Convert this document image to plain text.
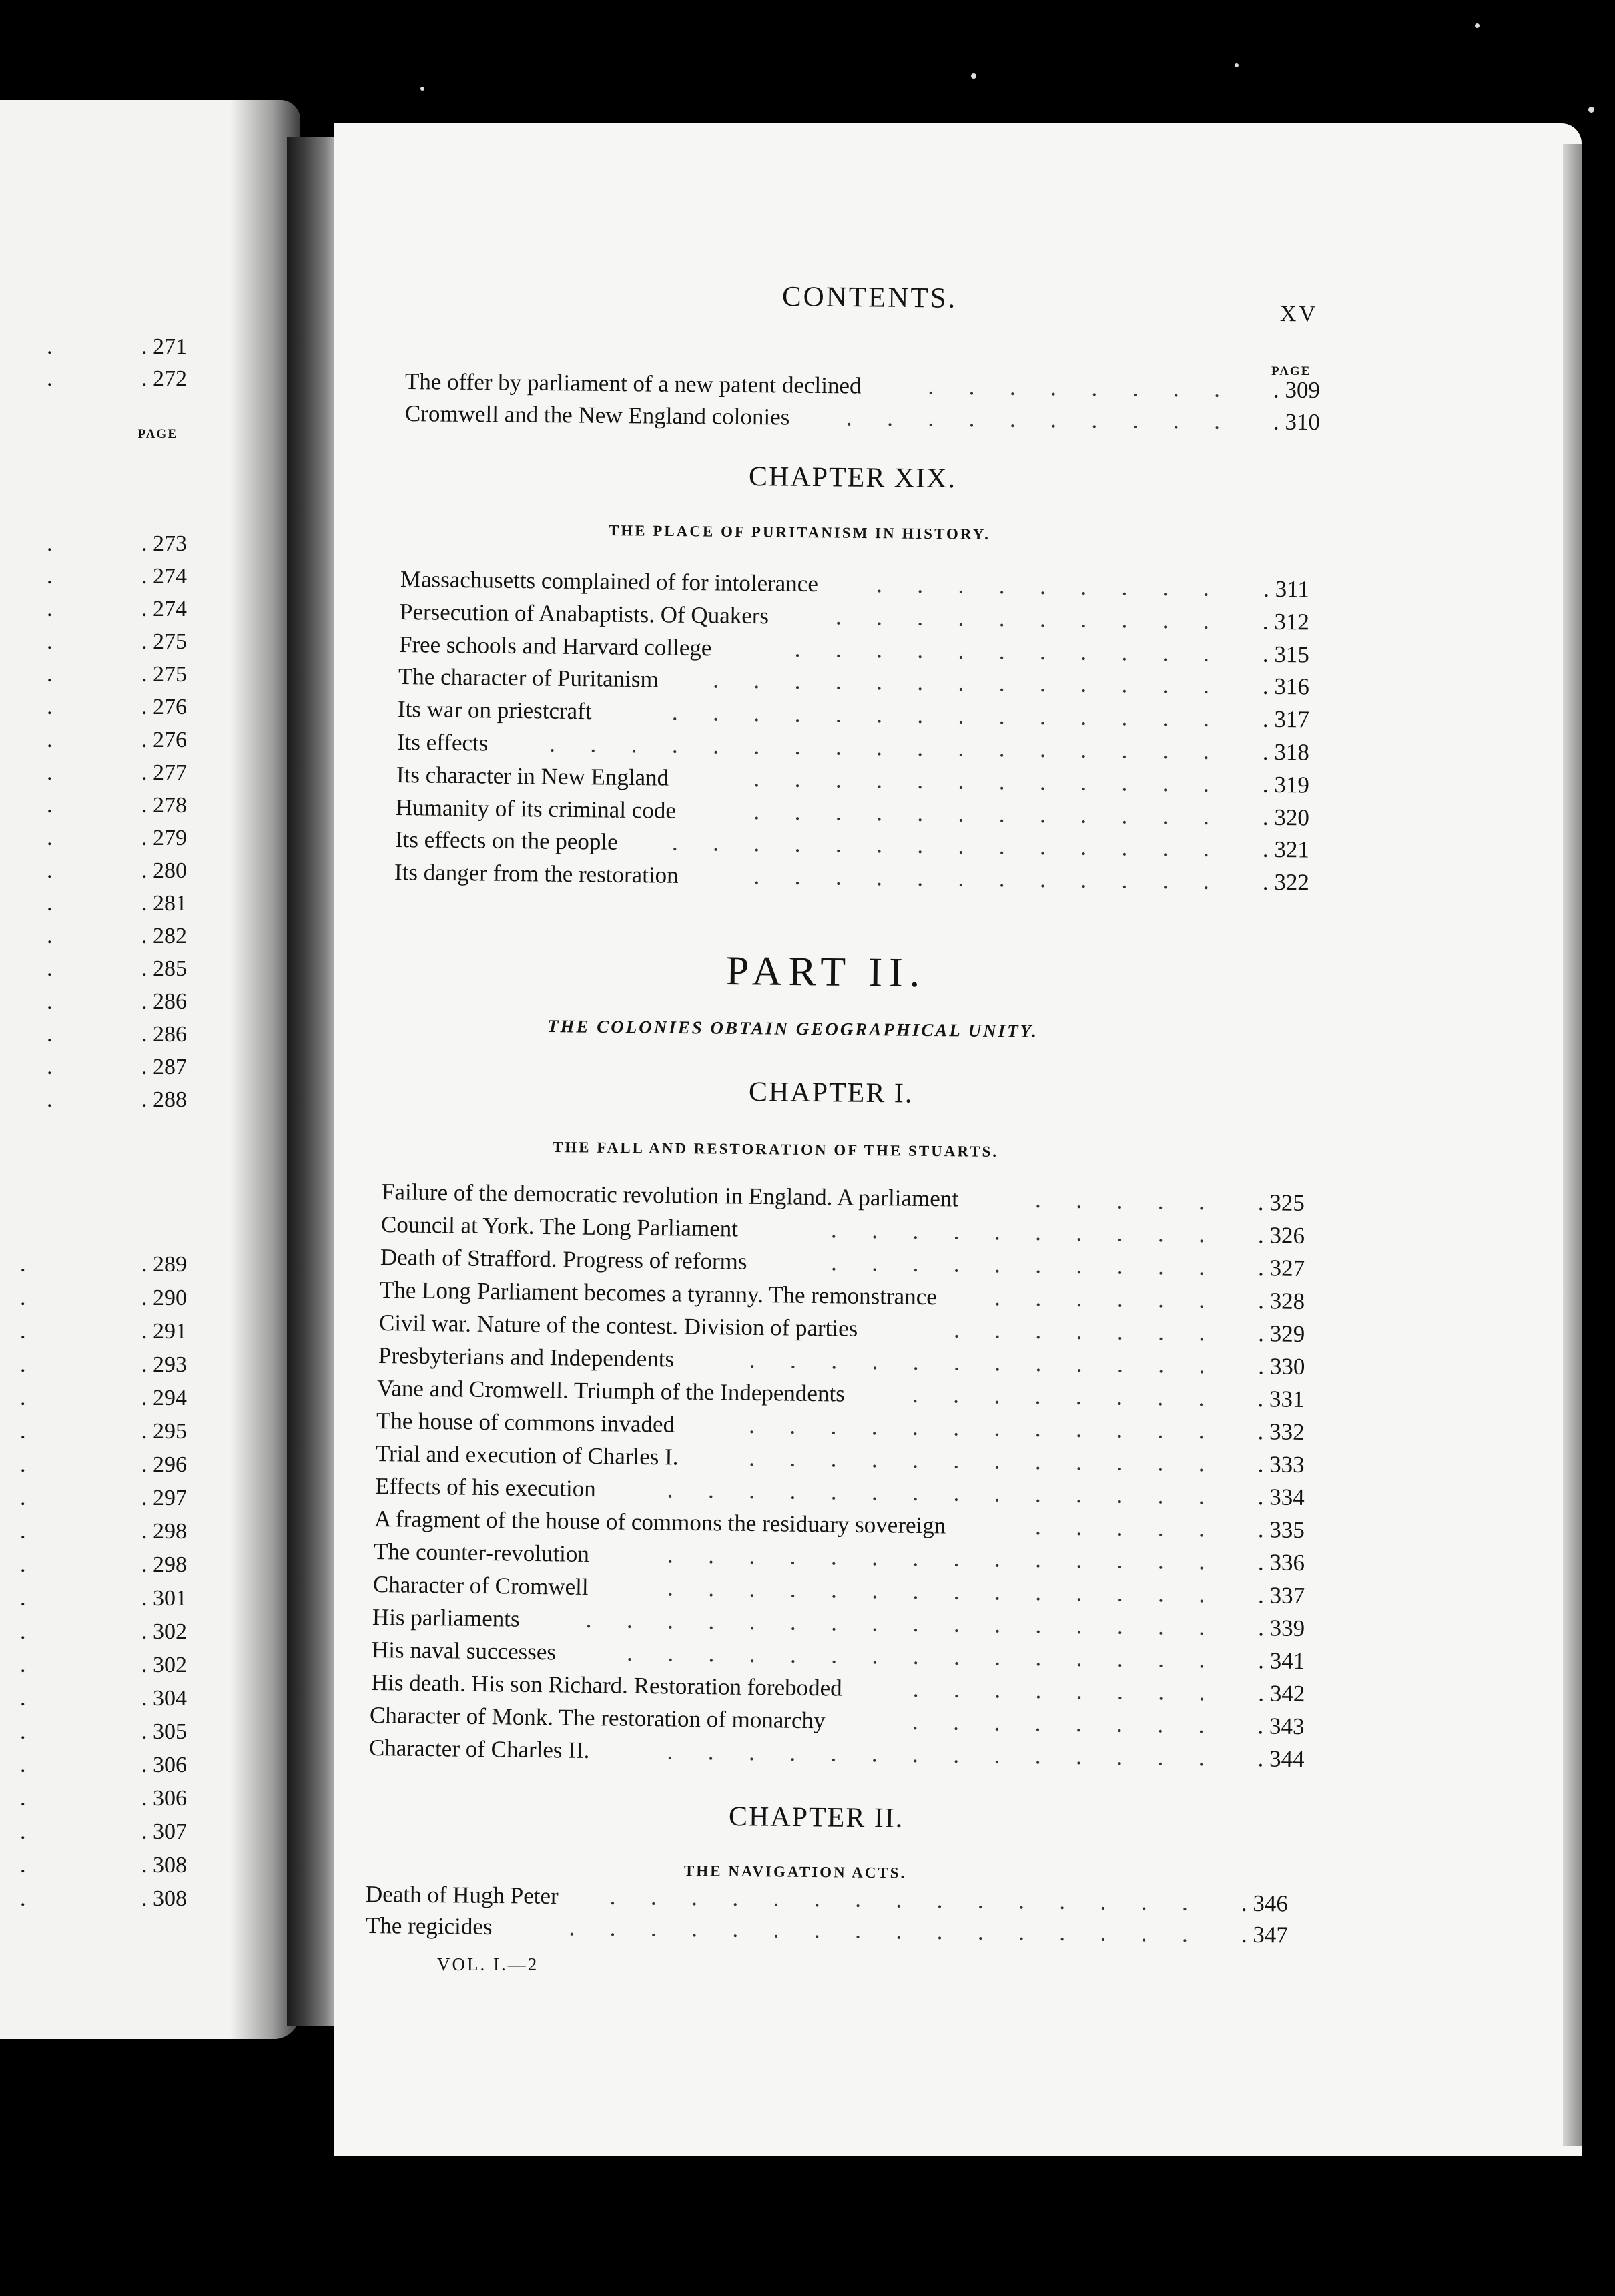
PAGE
.	. 271
.	. 272
.	. 273
.	. 274
.	. 274
.	. 275
.	. 275
.	. 276
.	. 276
.	. 277
.	. 278
.	. 279
.	. 280
.	. 281
.	. 282
.	. 285
.	. 286
.	. 286
.	. 287
.	. 288
.	. 289
.	. 290
.	. 291
.	. 293
.	. 294
.	. 295
.	. 296
.	. 297
.	. 298
.	. 298
.	. 301
.	. 302
.	. 302
.	. 304
.	. 305
.	. 306
.	. 306
.	. 307
.	. 308
.	. 308
CONTENTS.
XV
PAGE
The offer by parliament of a new patent declined	. 309
.   .   .   .   .   .   .   .
Cromwell and the New England colonies	. 310
.   .   .   .   .   .   .   .   .   .
CHAPTER XIX.
THE PLACE OF PURITANISM IN HISTORY.
Massachusetts complained of for intolerance	. 311
.   .   .   .   .   .   .   .   .
Persecution of Anabaptists. Of Quakers	. 312
.   .   .   .   .   .   .   .   .   .
Free schools and Harvard college	. 315
.   .   .   .   .   .   .   .   .   .   .
The character of Puritanism	. 316
.   .   .   .   .   .   .   .   .   .   .   .   .
Its war on priestcraft	. 317
.   .   .   .   .   .   .   .   .   .   .   .   .   .
Its effects	. 318
.   .   .   .   .   .   .   .   .   .   .   .   .   .   .   .   .
Its character in New England	. 319
.   .   .   .   .   .   .   .   .   .   .   .
Humanity of its criminal code	. 320
.   .   .   .   .   .   .   .   .   .   .   .
Its effects on the people	. 321
.   .   .   .   .   .   .   .   .   .   .   .   .   .
Its danger from the restoration	. 322
.   .   .   .   .   .   .   .   .   .   .   .
PART II.
THE COLONIES OBTAIN GEOGRAPHICAL UNITY.
CHAPTER I.
THE FALL AND RESTORATION OF THE STUARTS.
Failure of the democratic revolution in England. A parliament	. 325
.   .   .   .   .
Council at York. The Long Parliament	. 326
.   .   .   .   .   .   .   .   .   .
Death of Strafford. Progress of reforms	. 327
.   .   .   .   .   .   .   .   .   .
The Long Parliament becomes a tyranny. The remonstrance	. 328
.   .   .   .   .   .
Civil war. Nature of the contest. Division of parties	. 329
.   .   .   .   .   .   .
Presbyterians and Independents	. 330
.   .   .   .   .   .   .   .   .   .   .   .
Vane and Cromwell. Triumph of the Independents	. 331
.   .   .   .   .   .   .   .
The house of commons invaded	. 332
.   .   .   .   .   .   .   .   .   .   .   .
Trial and execution of Charles I.	. 333
.   .   .   .   .   .   .   .   .   .   .   .
Effects of his execution	. 334
.   .   .   .   .   .   .   .   .   .   .   .   .   .
A fragment of the house of commons the residuary sovereign	. 335
.   .   .   .   .
The counter-revolution	. 336
.   .   .   .   .   .   .   .   .   .   .   .   .   .
Character of Cromwell	. 337
.   .   .   .   .   .   .   .   .   .   .   .   .   .
His parliaments	. 339
.   .   .   .   .   .   .   .   .   .   .   .   .   .   .   .
His naval successes	. 341
.   .   .   .   .   .   .   .   .   .   .   .   .   .   .
His death. His son Richard. Restoration foreboded	. 342
.   .   .   .   .   .   .   .
Character of Monk. The restoration of monarchy	. 343
.   .   .   .   .   .   .   .
Character of Charles II.	. 344
.   .   .   .   .   .   .   .   .   .   .   .   .   .
CHAPTER II.
THE NAVIGATION ACTS.
Death of Hugh Peter	. 346
.   .   .   .   .   .   .   .   .   .   .   .   .   .   .
The regicides	. 347
.   .   .   .   .   .   .   .   .   .   .   .   .   .   .   .
VOL. I.—2
